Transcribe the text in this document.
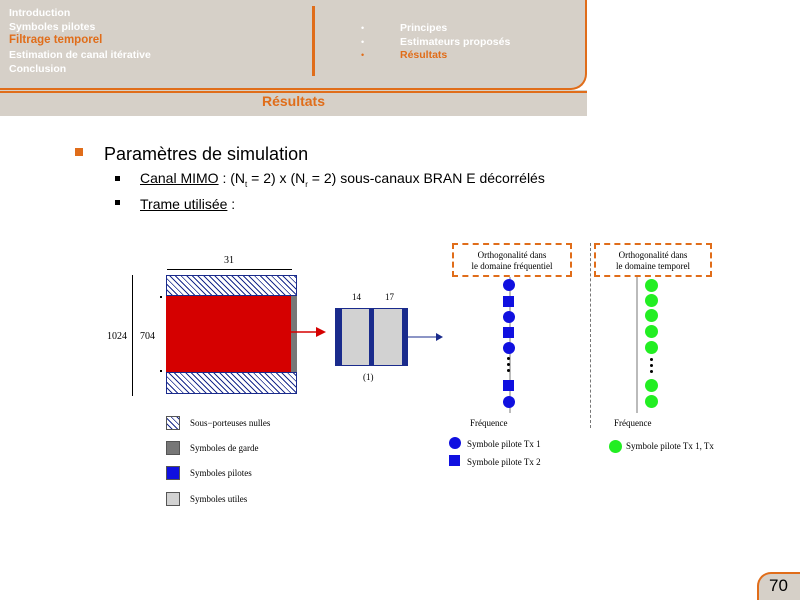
Introduction
Symboles pilotes
Filtrage temporel
Estimation de canal itérative
Conclusion
•
•
•
Principes
Estimateurs proposés
Résultats
Résultats
Paramètres de simulation
Canal MIMO : $(N_t = 2)$ x $(N_r = 2)$ sous-canaux BRAN E décorrélés
Trame utilisée :
31
1024 704
14	17
(1)
Sous−porteuses nulles
Symboles de garde
Symboles pilotes
Symboles utiles
Orthogonalité dans
le domaine fréquentiel
Fréquence
Symbole pilote Tx 1
Symbole pilote Tx 2
Orthogonalité dans
le domaine temporel
Fréquence
Symbole pilote Tx 1, Tx
70
